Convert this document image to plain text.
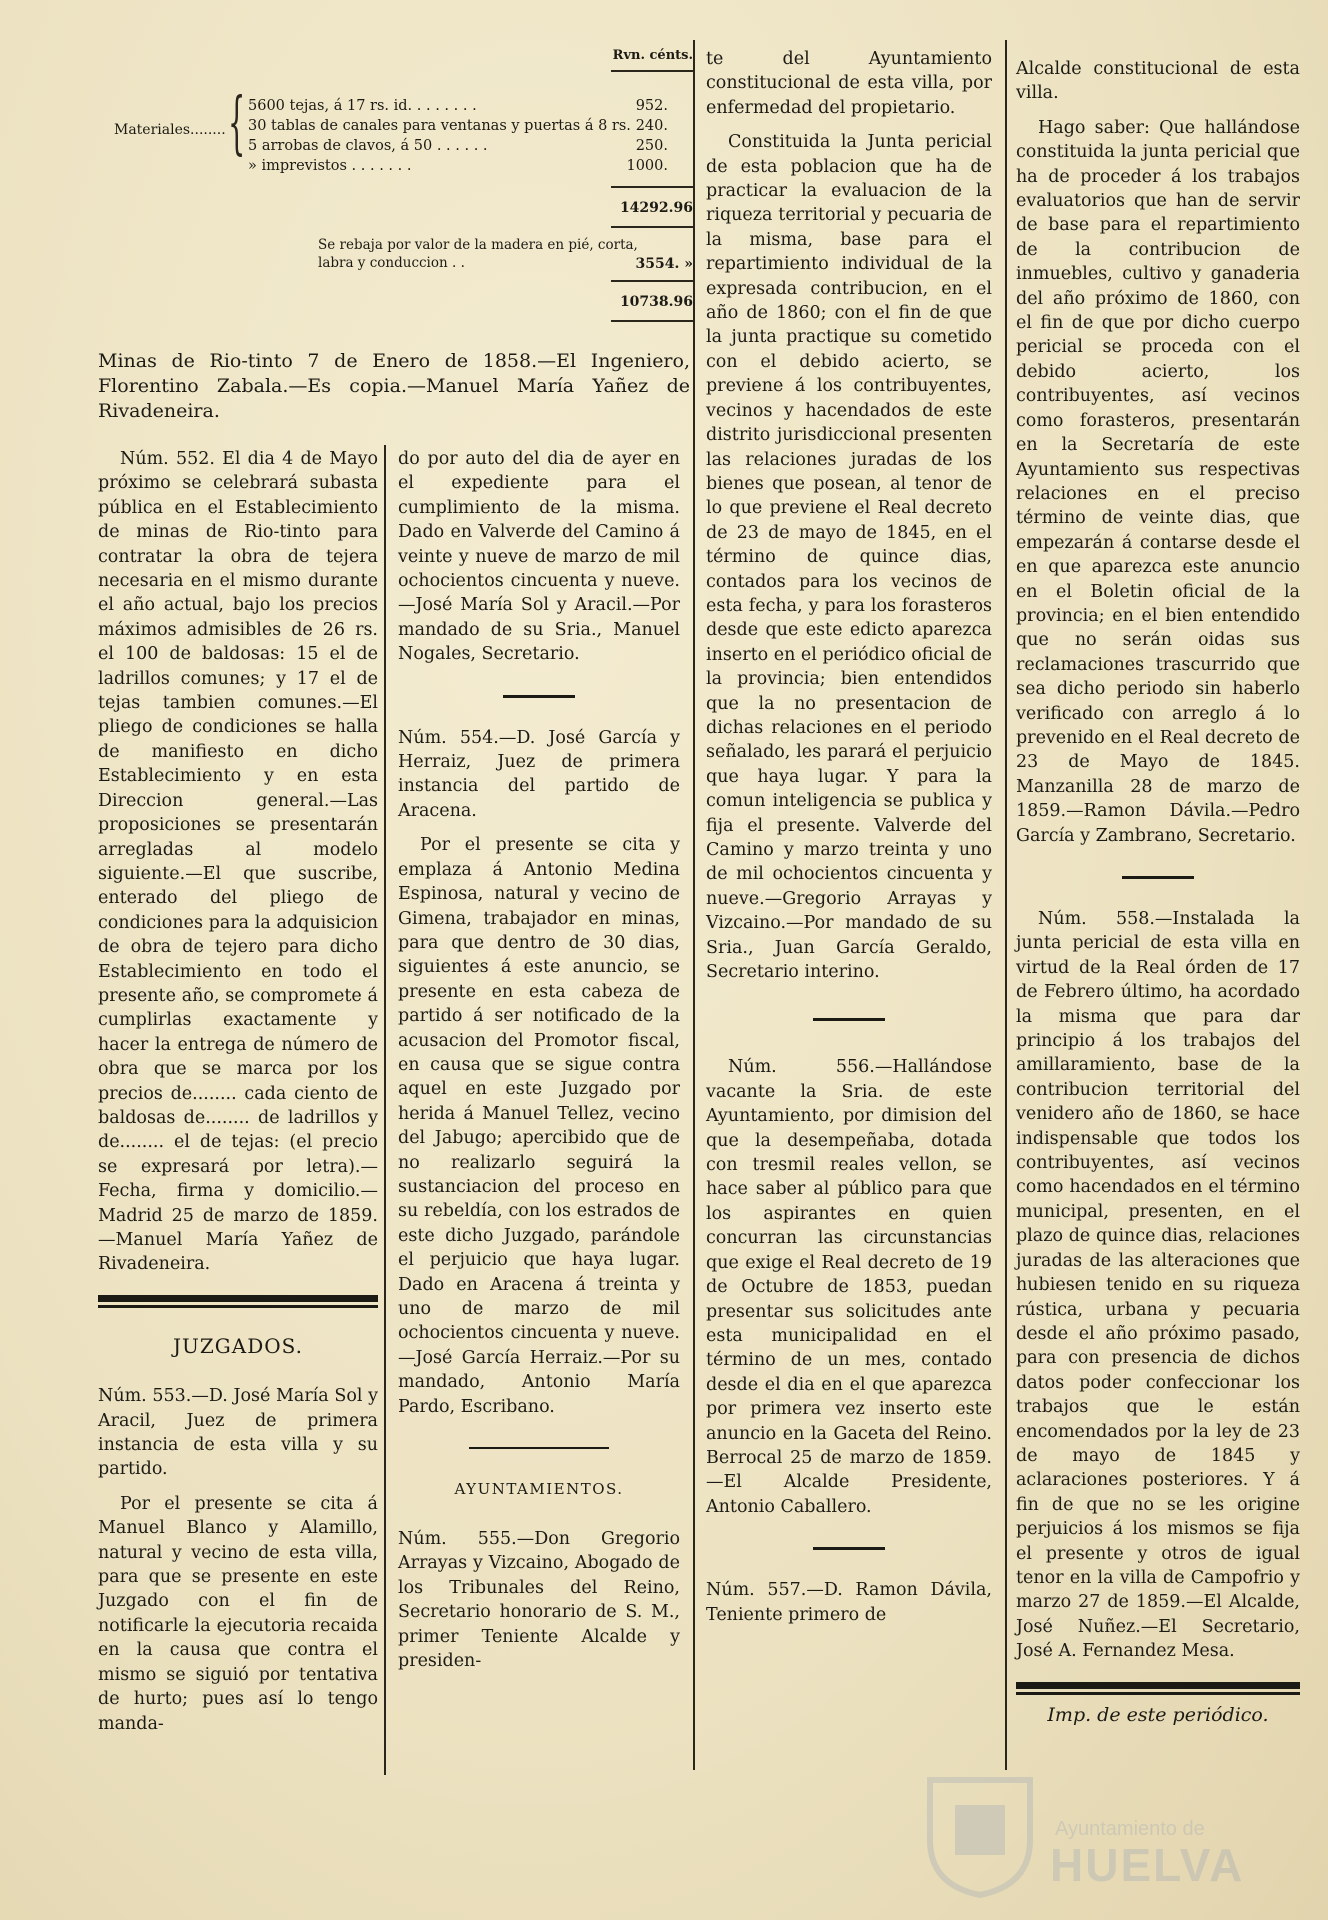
Rvn. cénts.
Materiales........ { 5600 tejas, á 17 rs. id. . . . . . . .	952.
30 tablas de canales para ventanas y puertas á 8 rs. 240.
5 arrobas de clavos, á 50 . . . . . .	250.
» imprevistos . . . . . . .	1000.
14292.96
Se rebaja por valor de la madera en pié, corta, labra y conduccion . .	3554. »
10738.96
Minas de Rio-tinto 7 de Enero de 1858.—El Ingeniero, Florentino Zabala.—Es copia.—Manuel María Yañez de Rivadeneira.

Núm. 552. El dia 4 de Mayo próximo se celebrará subasta pública en el Establecimiento de minas de Rio-tinto para contratar la obra de tejera necesaria en el mismo durante el año actual, bajo los precios máximos admisibles de 26 rs. el 100 de baldosas: 15 el de ladrillos comunes; y 17 el de tejas tambien comunes.—El pliego de condiciones se halla de manifiesto en dicho Establecimiento y en esta Direccion general.—Las proposiciones se presentarán arregladas al modelo siguiente.—El que suscribe, enterado del pliego de condiciones para la adquisicion de obra de tejero para dicho Establecimiento en todo el presente año, se compromete á cumplirlas exactamente y hacer la entrega de número de obra que se marca por los precios de........ cada ciento de baldosas de........ de ladrillos y de........ el de tejas: (el precio se expresará por letra).—Fecha, firma y domicilio.—Madrid 25 de marzo de 1859.—Manuel María Yañez de Rivadeneira.

JUZGADOS.

Núm. 553.—D. José María Sol y Aracil, Juez de primera instancia de esta villa y su partido.

Por el presente se cita á Manuel Blanco y Alamillo, natural y vecino de esta villa, para que se presente en este Juzgado con el fin de notificarle la ejecutoria recaida en la causa que contra el mismo se siguió por tentativa de hurto; pues así lo tengo manda-

do por auto del dia de ayer en el expediente para el cumplimiento de la misma. Dado en Valverde del Camino á veinte y nueve de marzo de mil ochocientos cincuenta y nueve.—José María Sol y Aracil.—Por mandado de su Sria., Manuel Nogales, Secretario.

Núm. 554.—D. José García y Herraiz, Juez de primera instancia del partido de Aracena.

Por el presente se cita y emplaza á Antonio Medina Espinosa, natural y vecino de Gimena, trabajador en minas, para que dentro de 30 dias, siguientes á este anuncio, se presente en esta cabeza de partido á ser notificado de la acusacion del Promotor fiscal, en causa que se sigue contra aquel en este Juzgado por herida á Manuel Tellez, vecino del Jabugo; apercibido que de no realizarlo seguirá la sustanciacion del proceso en su rebeldía, con los estrados de este dicho Juzgado, parándole el perjuicio que haya lugar. Dado en Aracena á treinta y uno de marzo de mil ochocientos cincuenta y nueve.—José García Herraiz.—Por su mandado, Antonio María Pardo, Escribano.

AYUNTAMIENTOS.

Núm. 555.—Don Gregorio Arrayas y Vizcaino, Abogado de los Tribunales del Reino, Secretario honorario de S. M., primer Teniente Alcalde y presiden-

te del Ayuntamiento constitucional de esta villa, por enfermedad del propietario.

Constituida la Junta pericial de esta poblacion que ha de practicar la evaluacion de la riqueza territorial y pecuaria de la misma, base para el repartimiento individual de la expresada contribucion, en el año de 1860; con el fin de que la junta practique su cometido con el debido acierto, se previene á los contribuyentes, vecinos y hacendados de este distrito jurisdiccional presenten las relaciones juradas de los bienes que posean, al tenor de lo que previene el Real decreto de 23 de mayo de 1845, en el término de quince dias, contados para los vecinos de esta fecha, y para los forasteros desde que este edicto aparezca inserto en el periódico oficial de la provincia; bien entendidos que la no presentacion de dichas relaciones en el periodo señalado, les parará el perjuicio que haya lugar. Y para la comun inteligencia se publica y fija el presente. Valverde del Camino y marzo treinta y uno de mil ochocientos cincuenta y nueve.—Gregorio Arrayas y Vizcaino.—Por mandado de su Sria., Juan García Geraldo, Secretario interino.

Núm. 556.—Hallándose vacante la Sria. de este Ayuntamiento, por dimision del que la desempeñaba, dotada con tresmil reales vellon, se hace saber al público para que los aspirantes en quien concurran las circunstancias que exige el Real decreto de 19 de Octubre de 1853, puedan presentar sus solicitudes ante esta municipalidad en el término de un mes, contado desde el dia en el que aparezca por primera vez inserto este anuncio en la Gaceta del Reino. Berrocal 25 de marzo de 1859.—El Alcalde Presidente, Antonio Caballero.

Núm. 557.—D. Ramon Dávila, Teniente primero de

Alcalde constitucional de esta villa.

Hago saber: Que hallándose constituida la junta pericial que ha de proceder á los trabajos evaluatorios que han de servir de base para el repartimiento de la contribucion de inmuebles, cultivo y ganaderia del año próximo de 1860, con el fin de que por dicho cuerpo pericial se proceda con el debido acierto, los contribuyentes, así vecinos como forasteros, presentarán en la Secretaría de este Ayuntamiento sus respectivas relaciones en el preciso término de veinte dias, que empezarán á contarse desde el en que aparezca este anuncio en el Boletin oficial de la provincia; en el bien entendido que no serán oidas sus reclamaciones trascurrido que sea dicho periodo sin haberlo verificado con arreglo á lo prevenido en el Real decreto de 23 de Mayo de 1845. Manzanilla 28 de marzo de 1859.—Ramon Dávila.—Pedro García y Zambrano, Secretario.

Núm. 558.—Instalada la junta pericial de esta villa en virtud de la Real órden de 17 de Febrero último, ha acordado la misma que para dar principio á los trabajos del amillaramiento, base de la contribucion territorial del venidero año de 1860, se hace indispensable que todos los contribuyentes, así vecinos como hacendados en el término municipal, presenten, en el plazo de quince dias, relaciones juradas de las alteraciones que hubiesen tenido en su riqueza rústica, urbana y pecuaria desde el año próximo pasado, para con presencia de dichos datos poder confeccionar los trabajos que le están encomendados por la ley de 23 de mayo de 1845 y aclaraciones posteriores. Y á fin de que no se les origine perjuicios á los mismos se fija el presente y otros de igual tenor en la villa de Campofrio y marzo 27 de 1859.—El Alcalde, José Nuñez.—El Secretario, José A. Fernandez Mesa.

Imp. de este periódico.
Ayuntamiento de
HUELVA
